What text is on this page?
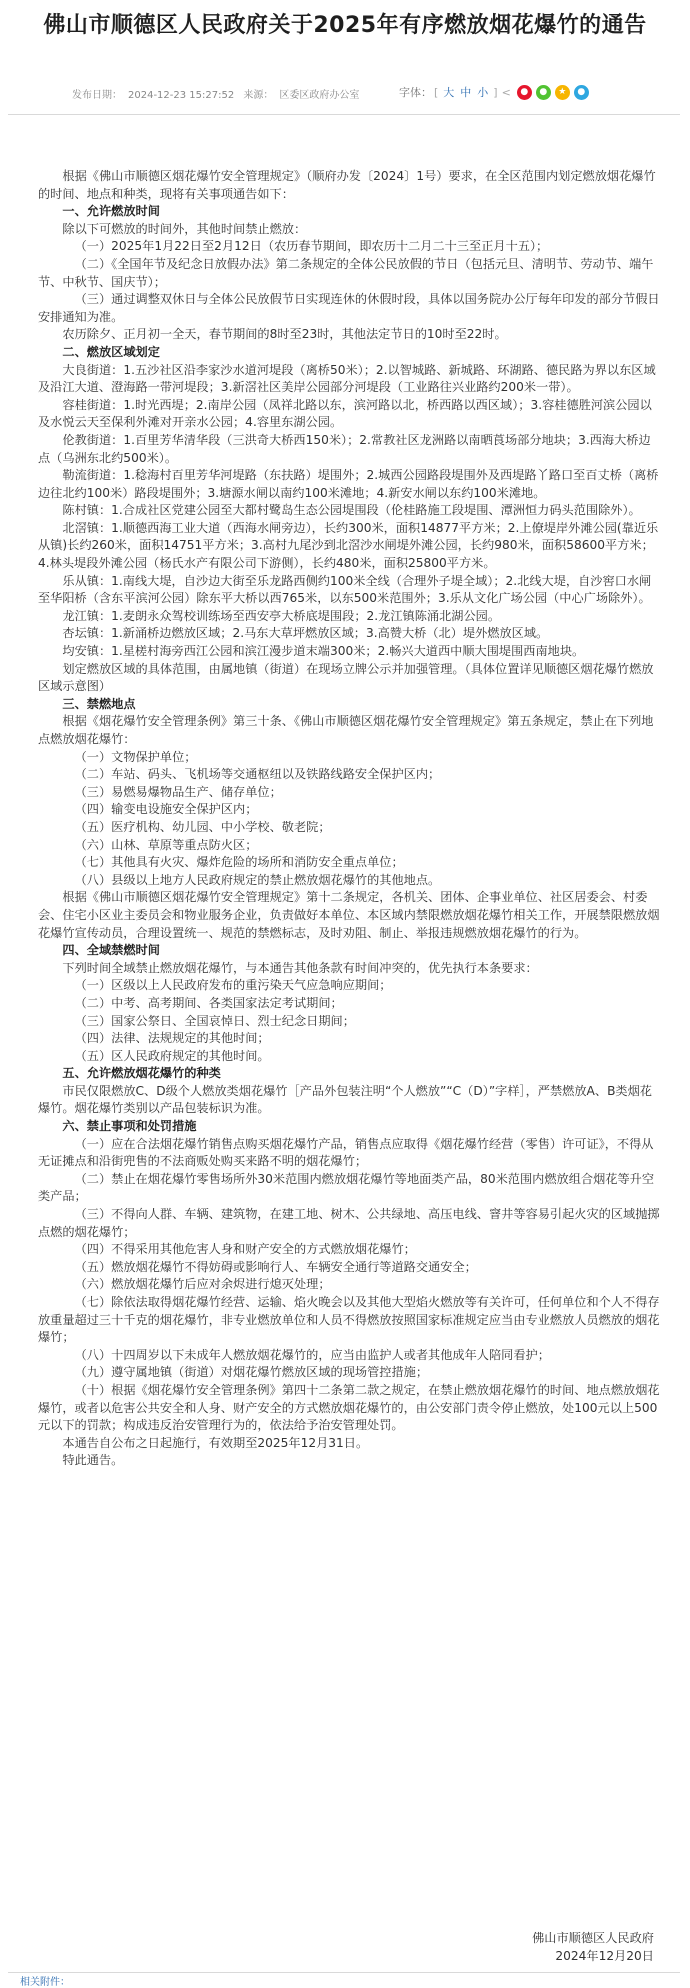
佛山市顺德区人民政府关于2025年有序燃放烟花爆竹的通告
发布日期： 2024-12-23 15:27:52 来源： 区委区政府办公室	字体： [ 大 中 小 ] <	●	●	★	●

根据《佛山市顺德区烟花爆竹安全管理规定》（顺府办发〔2024〕1号）要求，在全区范围内划定燃放烟花爆竹的时间、地点和种类，现将有关事项通告如下：

一、允许燃放时间

除以下可燃放的时间外，其他时间禁止燃放：

（一）2025年1月22日至2月12日（农历春节期间，即农历十二月二十三至正月十五）；

（二）《全国年节及纪念日放假办法》第二条规定的全体公民放假的节日（包括元旦、清明节、劳动节、端午节、中秋节、国庆节）；

（三）通过调整双休日与全体公民放假节日实现连休的休假时段，具体以国务院办公厅每年印发的部分节假日安排通知为准。

农历除夕、正月初一全天，春节期间的8时至23时，其他法定节日的10时至22时。

二、燃放区域划定

大良街道：1.五沙社区沿李家沙水道河堤段（离桥50米）；2.以智城路、新城路、环湖路、德民路为界以东区域及沿江大道、澄海路一带河堤段；3.新滘社区美岸公园部分河堤段（工业路往兴业路约200米一带）。

容桂街道：1.时光西堤；2.南岸公园（凤祥北路以东，滨河路以北，桥西路以西区域）；3.容桂德胜河滨公园以及水悦云天至保利外滩对开亲水公园；4.容里东湖公园。

伦教街道：1.百里芳华清华段（三洪奇大桥西150米）；2.常教社区龙洲路以南晒莨场部分地块；3.西海大桥边点（乌洲东北约500米）。

勒流街道：1.稔海村百里芳华河堤路（东扶路）堤围外；2.城西公园路段堤围外及西堤路丫路口至百丈桥（离桥边往北约100米）路段堤围外；3.塘源水闸以南约100米滩地；4.新安水闸以东约100米滩地。

陈村镇：1.合成社区党建公园至大都村鹭岛生态公园堤围段（伦桂路施工段堤围、潭洲恒力码头范围除外）。

北滘镇：1.顺德西海工业大道（西海水闸旁边），长约300米，面积14877平方米；2.上僚堤岸外滩公园(靠近乐从镇)长约260米，面积14751平方米；3.高村九尾沙到北滘沙水闸堤外滩公园，长约980米，面积58600平方米；4.林头堤段外滩公园（杨氏水产有限公司下游侧），长约480米，面积25800平方米。

乐从镇：1.南线大堤，自沙边大街至乐龙路西侧约100米全线（合理外子堤全域）；2.北线大堤，自沙窖口水闸至华阳桥（含东平滨河公园）除东平大桥以西765米，以东500米范围外；3.乐从文化广场公园（中心广场除外）。

龙江镇：1.麦朗永众驾校训练场至西安亭大桥底堤围段；2.龙江镇陈涌北湖公园。

杏坛镇：1.新涌桥边燃放区域；2.马东大草坪燃放区域；3.高赞大桥（北）堤外燃放区域。

均安镇：1.星槎村海旁西江公园和滨江漫步道末端300米；2.畅兴大道西中顺大围堤围西南地块。

划定燃放区域的具体范围，由属地镇（街道）在现场立牌公示并加强管理。（具体位置详见顺德区烟花爆竹燃放区域示意图）

三、禁燃地点

根据《烟花爆竹安全管理条例》第三十条、《佛山市顺德区烟花爆竹安全管理规定》第五条规定，禁止在下列地点燃放烟花爆竹：

（一）文物保护单位；

（二）车站、码头、飞机场等交通枢纽以及铁路线路安全保护区内；

（三）易燃易爆物品生产、储存单位；

（四）输变电设施安全保护区内；

（五）医疗机构、幼儿园、中小学校、敬老院；

（六）山林、草原等重点防火区；

（七）其他具有火灾、爆炸危险的场所和消防安全重点单位；

（八）县级以上地方人民政府规定的禁止燃放烟花爆竹的其他地点。

根据《佛山市顺德区烟花爆竹安全管理规定》第十二条规定，各机关、团体、企事业单位、社区居委会、村委会、住宅小区业主委员会和物业服务企业，负责做好本单位、本区域内禁限燃放烟花爆竹相关工作，开展禁限燃放烟花爆竹宣传动员，合理设置统一、规范的禁燃标志，及时劝阻、制止、举报违规燃放烟花爆竹的行为。

四、全域禁燃时间

下列时间全域禁止燃放烟花爆竹，与本通告其他条款有时间冲突的，优先执行本条要求：

（一）区级以上人民政府发布的重污染天气应急响应期间；

（二）中考、高考期间、各类国家法定考试期间；

（三）国家公祭日、全国哀悼日、烈士纪念日期间；

（四）法律、法规规定的其他时间；

（五）区人民政府规定的其他时间。

五、允许燃放烟花爆竹的种类

市民仅限燃放C、D级个人燃放类烟花爆竹［产品外包装注明“个人燃放”“C（D）”字样］，严禁燃放A、B类烟花爆竹。烟花爆竹类别以产品包装标识为准。

六、禁止事项和处罚措施

（一）应在合法烟花爆竹销售点购买烟花爆竹产品，销售点应取得《烟花爆竹经营（零售）许可证》，不得从无证摊点和沿街兜售的不法商贩处购买来路不明的烟花爆竹；

（二）禁止在烟花爆竹零售场所外30米范围内燃放烟花爆竹等地面类产品，80米范围内燃放组合烟花等升空类产品；

（三）不得向人群、车辆、建筑物，在建工地、树木、公共绿地、高压电线、窨井等容易引起火灾的区域抛掷点燃的烟花爆竹；

（四）不得采用其他危害人身和财产安全的方式燃放烟花爆竹；

（五）燃放烟花爆竹不得妨碍或影响行人、车辆安全通行等道路交通安全；

（六）燃放烟花爆竹后应对余烬进行熄灭处理；

（七）除依法取得烟花爆竹经营、运输、焰火晚会以及其他大型焰火燃放等有关许可，任何单位和个人不得存放重量超过三十千克的烟花爆竹，非专业燃放单位和人员不得燃放按照国家标准规定应当由专业燃放人员燃放的烟花爆竹；

（八）十四周岁以下未成年人燃放烟花爆竹的，应当由监护人或者其他成年人陪同看护；

（九）遵守属地镇（街道）对烟花爆竹燃放区域的现场管控措施；

（十）根据《烟花爆竹安全管理条例》第四十二条第二款之规定，在禁止燃放烟花爆竹的时间、地点燃放烟花爆竹，或者以危害公共安全和人身、财产安全的方式燃放烟花爆竹的，由公安部门责令停止燃放，处100元以上500元以下的罚款；构成违反治安管理行为的，依法给予治安管理处罚。

本通告自公布之日起施行，有效期至2025年12月31日。

特此通告。

佛山市顺德区人民政府
2024年12月20日
相关附件：
